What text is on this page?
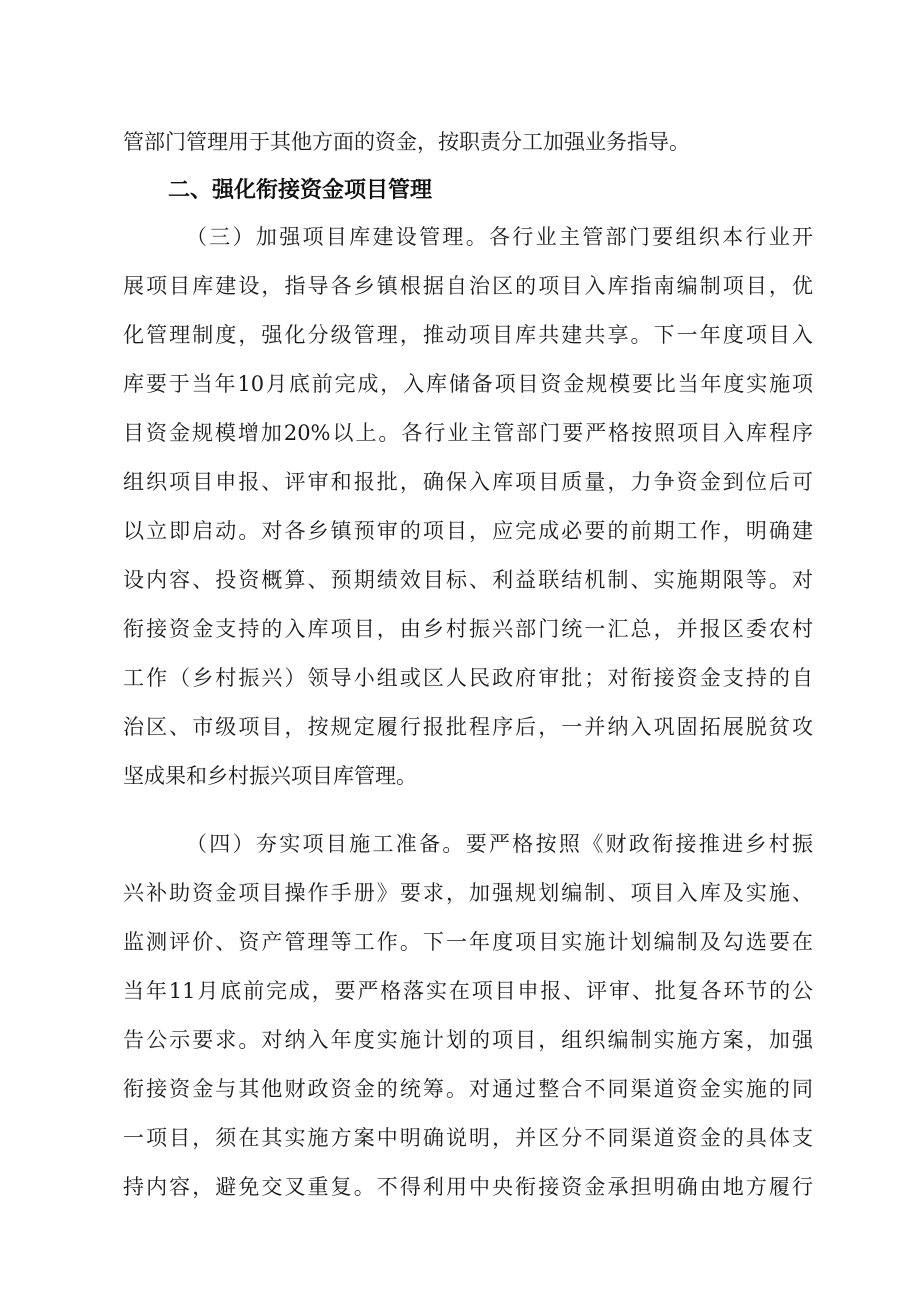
管部门管理用于其他方面的资金，按职责分工加强业务指导。
二、强化衔接资金项目管理
（三）加强项目库建设管理。各行业主管部门要组织本行业开
展项目库建设，指导各乡镇根据自治区的项目入库指南编制项目，优
化管理制度，强化分级管理，推动项目库共建共享。下一年度项目入
库要于当年10月底前完成，入库储备项目资金规模要比当年度实施项
目资金规模增加20%以上。各行业主管部门要严格按照项目入库程序
组织项目申报、评审和报批，确保入库项目质量，力争资金到位后可
以立即启动。对各乡镇预审的项目，应完成必要的前期工作，明确建
设内容、投资概算、预期绩效目标、利益联结机制、实施期限等。对
衔接资金支持的入库项目，由乡村振兴部门统一汇总，并报区委农村
工作（乡村振兴）领导小组或区人民政府审批；对衔接资金支持的自
治区、市级项目，按规定履行报批程序后，一并纳入巩固拓展脱贫攻
坚成果和乡村振兴项目库管理。
（四）夯实项目施工准备。要严格按照《财政衔接推进乡村振
兴补助资金项目操作手册》要求，加强规划编制、项目入库及实施、
监测评价、资产管理等工作。下一年度项目实施计划编制及勾选要在
当年11月底前完成，要严格落实在项目申报、评审、批复各环节的公
告公示要求。对纳入年度实施计划的项目，组织编制实施方案，加强
衔接资金与其他财政资金的统筹。对通过整合不同渠道资金实施的同
一项目，须在其实施方案中明确说明，并区分不同渠道资金的具体支
持内容，避免交叉重复。不得利用中央衔接资金承担明确由地方履行
